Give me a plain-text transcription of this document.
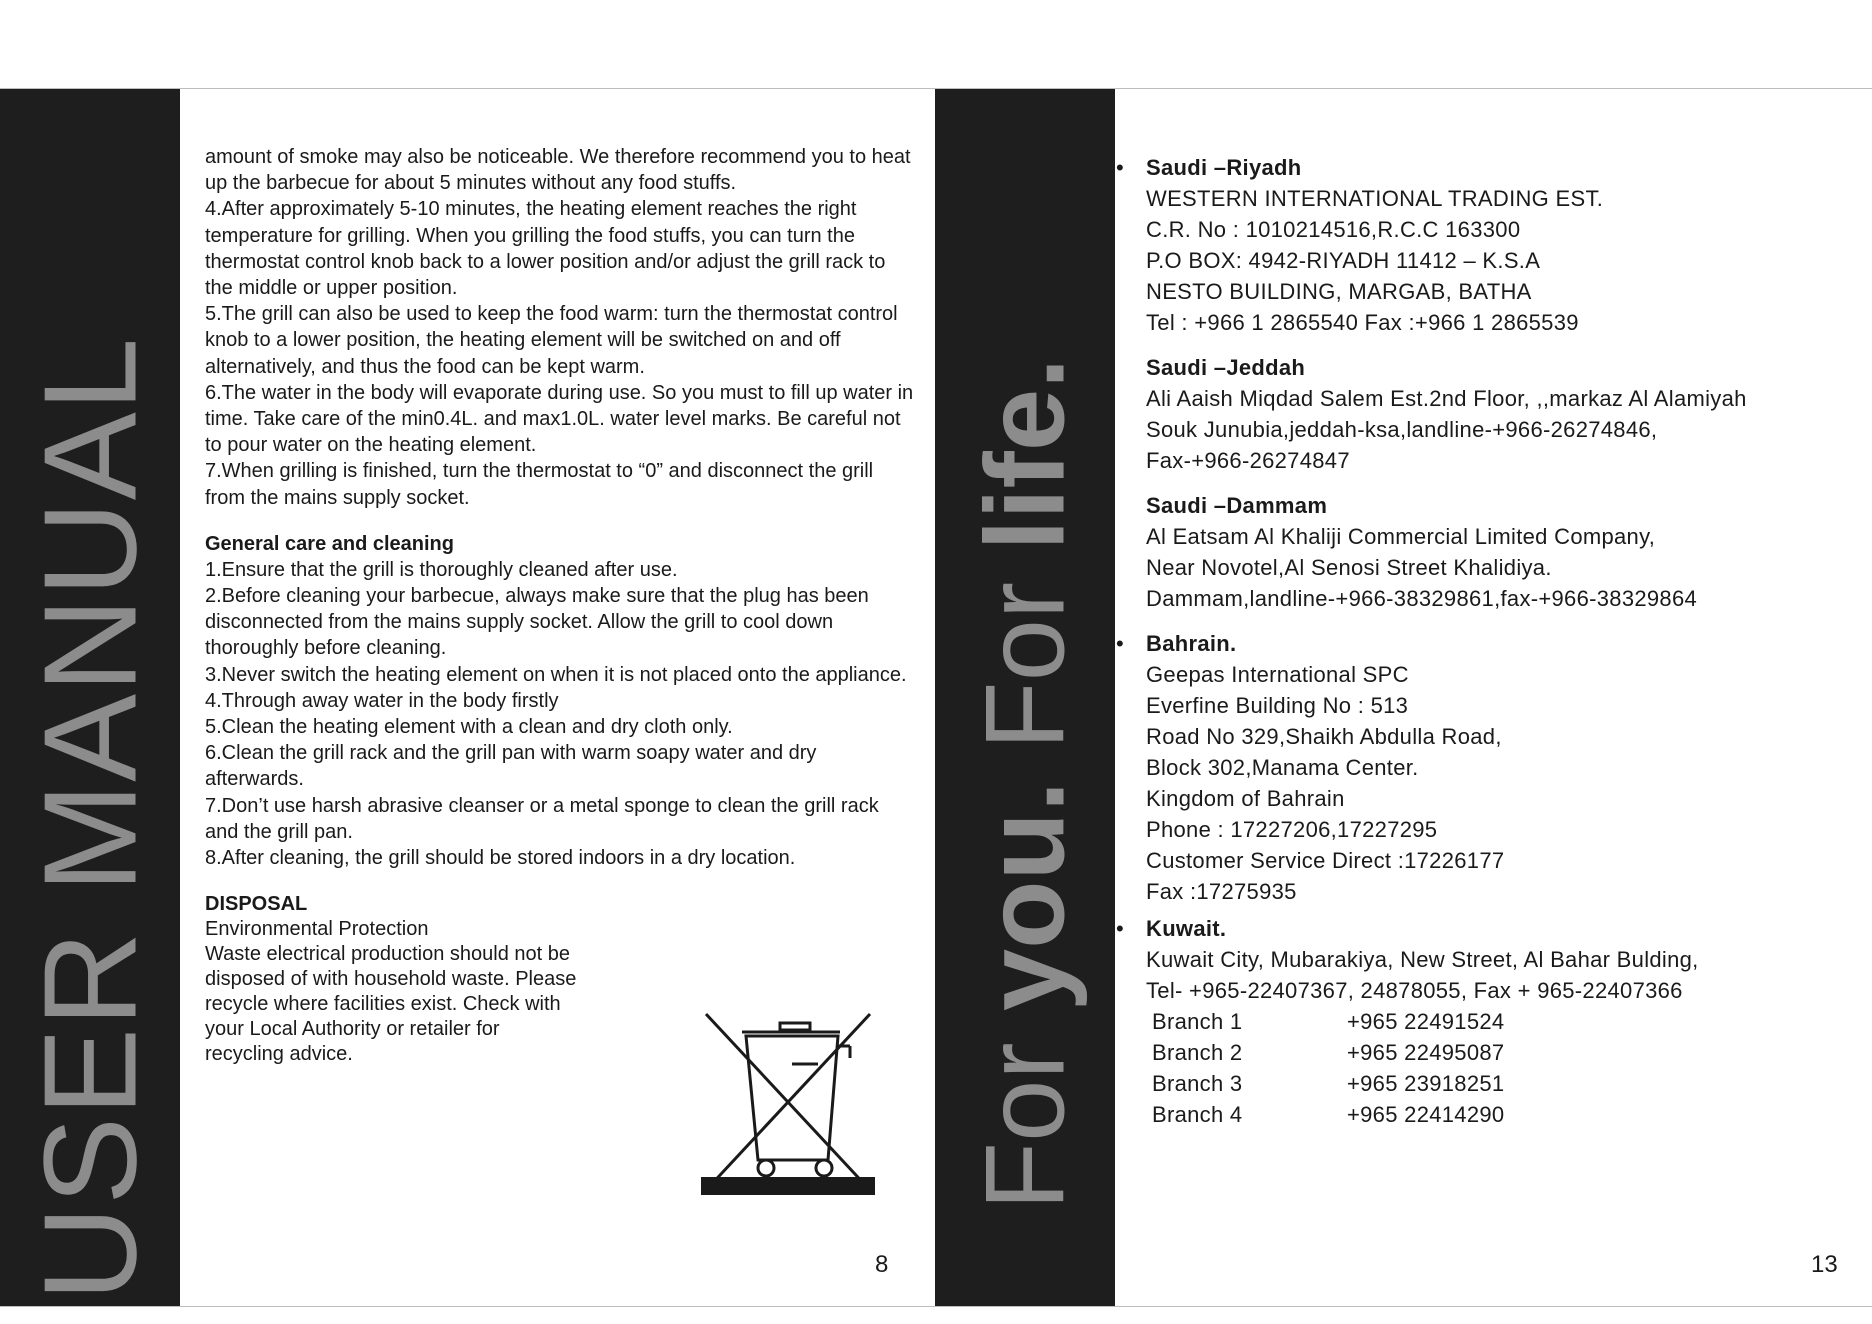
USER MANUAL	For you. For life.

amount of smoke may also be noticeable. We therefore recommend you to heat up the barbecue for about 5 minutes without any food stuffs.

4.After approximately 5-10 minutes, the heating element reaches the right temperature for grilling. When you grilling the food stuffs, you can turn the thermostat control knob back to a lower position and/or adjust the grill rack to the middle or upper position.

5.The grill can also be used to keep the food warm: turn the thermostat control knob to a lower position, the heating element will be switched on and off alternatively, and thus the food can be kept warm.

6.The water in the body will evaporate during use. So you must to fill up water in time. Take care of the min0.4L. and max1.0L. water level marks. Be careful not to pour water on the heating element.

7.When grilling is finished, turn the thermostat to “0” and disconnect the grill from the mains supply socket.

General care and cleaning

1.Ensure that the grill is thoroughly cleaned after use.

2.Before cleaning your barbecue, always make sure that the plug has been disconnected from the mains supply socket. Allow the grill to cool down thoroughly before cleaning.

3.Never switch the heating element on when it is not placed onto the appliance.

4.Through away water in the body firstly

5.Clean the heating element with a clean and dry cloth only.

6.Clean the grill rack and the grill pan with warm soapy water and dry afterwards.

7.Don’t use harsh abrasive cleanser or a metal sponge to clean the grill rack and the grill pan.

8.After cleaning, the grill should be stored indoors in a dry location.

DISPOSAL

Environmental Protection

Waste electrical production should not be

disposed of with household waste. Please

recycle where facilities exist. Check with

your Local Authority or retailer for

recycling advice.

8
• Saudi –Riyadh
WESTERN INTERNATIONAL TRADING EST.
C.R. No : 1010214516,R.C.C 163300
P.O BOX: 4942-RIYADH 11412 – K.S.A
NESTO BUILDING, MARGAB, BATHA
Tel : +966 1 2865540 Fax :+966 1 2865539
Saudi –Jeddah
Ali Aaish Miqdad Salem Est.2nd Floor, ,,markaz Al Alamiyah
Souk Junubia,jeddah-ksa,landline-+966-26274846,
Fax-+966-26274847
Saudi –Dammam
Al Eatsam Al Khaliji Commercial Limited Company,
Near Novotel,Al Senosi Street Khalidiya.
Dammam,landline-+966-38329861,fax-+966-38329864
• Bahrain.
Geepas International SPC
Everfine Building No : 513
Road No 329,Shaikh Abdulla Road,
Block 302,Manama Center.
Kingdom of Bahrain
Phone : 17227206,17227295
Customer Service Direct :17226177
Fax :17275935
• Kuwait.
Kuwait City, Mubarakiya, New Street, Al Bahar Bulding,
Tel- +965-22407367, 24878055, Fax + 965-22407366
Branch 1	+965 22491524
Branch 2	+965 22495087
Branch 3	+965 23918251
Branch 4	+965 22414290
13
